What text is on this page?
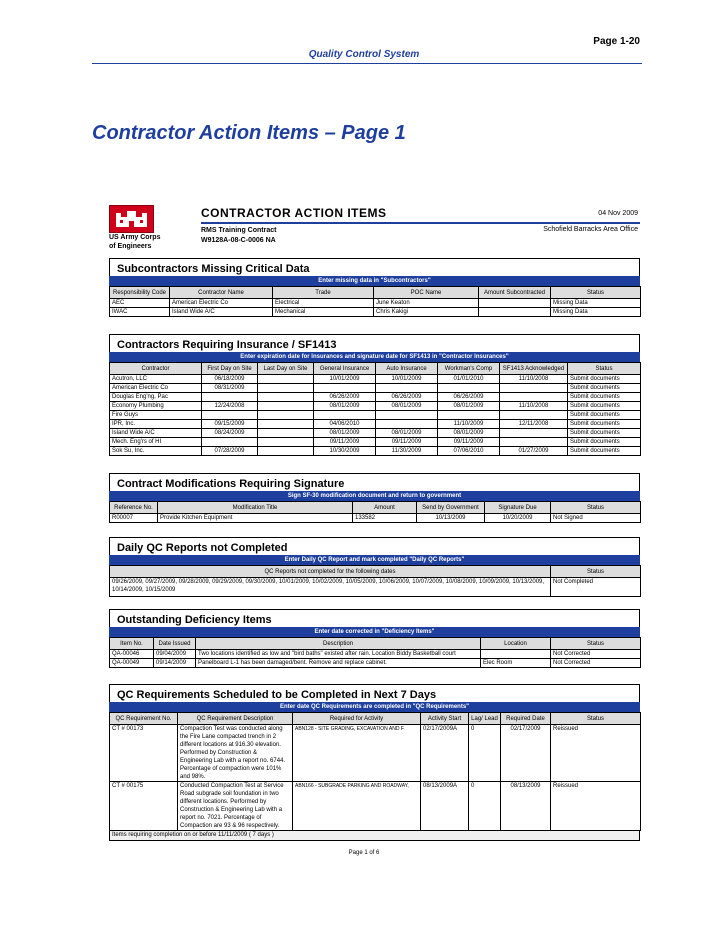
Page 1-20
Quality Control System
Contractor Action Items – Page 1
US Army Corps
of Engineers
CONTRACTOR ACTION ITEMS	04 Nov 2009
RMS Training Contract
W9128A-08-C-0006 NA
Schofield Barracks Area Office
Subcontractors Missing Critical Data
Enter missing data in "Subcontractors"
Responsibility Code	Contractor Name	Trade	POC Name	Amount Subcontracted	Status
AEC	American Electric Co	Electrical	June Keaton		Missing Data
IWAC	Island Wide A/C	Mechanical	Chris Kakigi		Missing Data
Contractors Requiring Insurance / SF1413
Enter expiration date for Insurances and signature date for SF1413 in "Contractor Insurances"
Contractor	First Day on Site	Last Day on Site	General Insurance	Auto Insurance	Workman's Comp	SF1413 Acknowledged	Status
Acutron, LLC	06/18/2009		10/01/2009	10/01/2009	01/01/2010	11/10/2008	Submit documents
American Electric Co	08/31/2009						Submit documents
Douglas Eng'ng, Pac			06/26/2009	06/26/2009	06/26/2009		Submit documents
Economy Plumbing	12/24/2008		08/01/2009	08/01/2009	08/01/2009	11/10/2008	Submit documents
Fire Guys							Submit documents
IPR, Inc.	09/15/2009		04/06/2010		11/10/2009	12/11/2008	Submit documents
Island Wide A/C	08/24/2009		08/01/2009	08/01/2009	08/01/2009		Submit documents
Mech. Eng'rs of HI			09/11/2009	09/11/2009	09/11/2009		Submit documents
Sok Su, Inc.	07/28/2009		10/30/2009	11/30/2009	07/06/2010	01/27/2009	Submit documents
Contract Modifications Requiring Signature
Sign SF-30 modification document and return to government
Reference No.	Modification Title	Amount	Send by Government	Signature Due	Status
R00007	Provide Kitchen Equipment	133582	10/13/2009	10/20/2009	Not Signed
Daily QC Reports not Completed
Enter Daily QC Report and mark completed "Daily QC Reports"
QC Reports not completed for the following dates	Status
09/26/2009, 09/27/2009, 09/28/2009, 09/29/2009, 09/30/2009, 10/01/2009, 10/02/2009, 10/05/2009, 10/06/2009, 10/07/2009, 10/08/2009, 10/09/2009, 10/13/2009, 10/14/2009, 10/15/2009	Not Completed
Outstanding Deficiency Items
Enter date corrected in "Deficiency Items"
Item No.	Date Issued	Description	Location	Status
QA-00046	09/04/2009	Two locations identified as low and "bird baths" existed after rain. Location Biddy Basketball court		Not Corrected
QA-00049	09/14/2009	Panelboard L-1 has been damaged/bent. Remove and replace cabinet.	Elec Room	Not Corrected
QC Requirements Scheduled to be Completed in Next 7 Days
Enter date QC Requirements are completed in "QC Requirements"
QC Requirement No.	QC Requirement Description	Required for Activity	Activity Start	Lag/ Lead	Required Date	Status
CT # 00173	Compaction Test was conducted along the Fire Lane compacted trench in 2 different locations at 916.30 elevation. Performed by Construction & Engineering Lab with a report no. 6744. Percentage of compaction were 101% and 98%.	ABN128 - SITE GRADING, EXCAVATION AND F	02/17/2009A	0	02/17/2009	Reissued
CT # 00175	Conducted Compaction Test at Service Road subgrade soil foundation in two different locations. Performed by Construction & Engineering Lab with a report no. 7021. Percentage of Compaction are 93 & 96 respectively.	ABN166 - SUBGRADE PARKING AND ROADWAY,	08/13/2009A	0	08/13/2009	Reissued
Items requiring completion on or before 11/11/2009 ( 7 days )
Page 1 of 6
